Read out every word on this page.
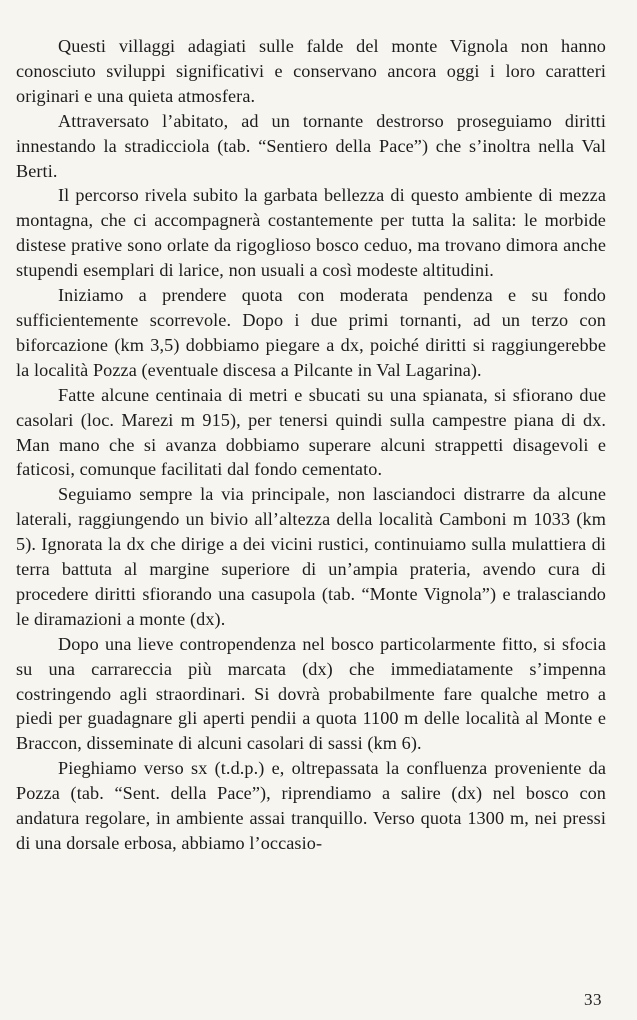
Questi villaggi adagiati sulle falde del monte Vignola non hanno conosciuto sviluppi significativi e conservano ancora oggi i loro caratteri originari e una quieta atmosfera.

Attraversato l’abitato, ad un tornante destrorso proseguiamo diritti innestando la stradicciola (tab. “Sentiero della Pace”) che s’inoltra nella Val Berti.

Il percorso rivela subito la garbata bellezza di questo ambiente di mezza montagna, che ci accompagnerà costantemente per tutta la salita: le morbide distese prative sono orlate da rigoglioso bosco ceduo, ma trovano dimora anche stupendi esemplari di larice, non usuali a così modeste altitudini.

Iniziamo a prendere quota con moderata pendenza e su fondo sufficientemente scorrevole. Dopo i due primi tornanti, ad un terzo con biforcazione (km 3,5) dobbiamo piegare a dx, poiché diritti si raggiungerebbe la località Pozza (eventuale discesa a Pilcante in Val Lagarina).

Fatte alcune centinaia di metri e sbucati su una spianata, si sfiorano due casolari (loc. Marezi m 915), per tenersi quindi sulla campestre piana di dx. Man mano che si avanza dobbiamo superare alcuni strappetti disagevoli e faticosi, comunque facilitati dal fondo cementato.

Seguiamo sempre la via principale, non lasciandoci distrarre da alcune laterali, raggiungendo un bivio all’altezza della località Camboni m 1033 (km 5). Ignorata la dx che dirige a dei vicini rustici, continuiamo sulla mulattiera di terra battuta al margine superiore di un’ampia prateria, avendo cura di procedere diritti sfiorando una casupola (tab. “Monte Vignola”) e tralasciando le diramazioni a monte (dx).

Dopo una lieve contropendenza nel bosco particolarmente fitto, si sfocia su una carrareccia più marcata (dx) che immediatamente s’impenna costringendo agli straordinari. Si dovrà probabilmente fare qualche metro a piedi per guadagnare gli aperti pendii a quota 1100 m delle località al Monte e Braccon, disseminate di alcuni casolari di sassi (km 6).

Pieghiamo verso sx (t.d.p.) e, oltrepassata la confluenza proveniente da Pozza (tab. “Sent. della Pace”), riprendiamo a salire (dx) nel bosco con andatura regolare, in ambiente assai tranquillo. Verso quota 1300 m, nei pressi di una dorsale erbosa, abbiamo l’occasio-

33
